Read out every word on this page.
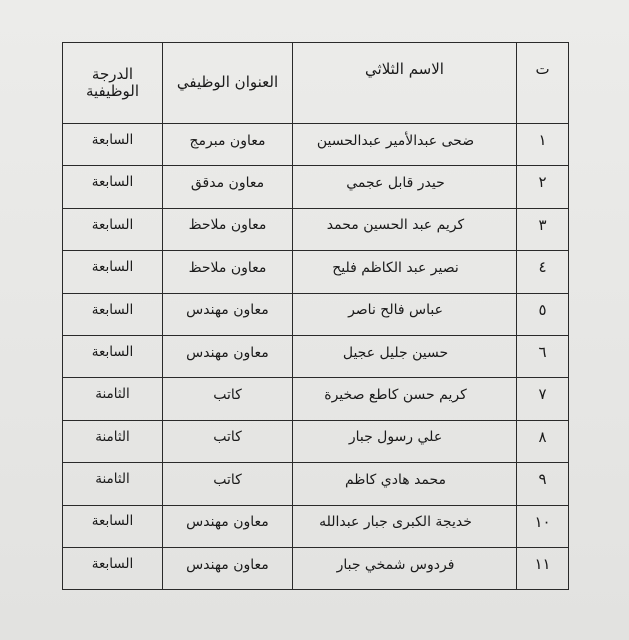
ت	الاسم الثلاثي	العنوان الوظيفي	الدرجة الوظيفية

١	ضحى عبدالأمير عبدالحسين	معاون مبرمج	السابعة

٢	حيدر قابل عجمي	معاون مدقق	السابعة

٣	كريم عبد الحسين محمد	معاون ملاحظ	السابعة

٤	نصير عبد الكاظم فليح	معاون ملاحظ	السابعة

٥	عباس فالح ناصر	معاون مهندس	السابعة

٦	حسين جليل عجيل	معاون مهندس	السابعة

٧	كريم حسن كاطع صخيرة	كاتب	الثامنة

٨	علي رسول جبار	كاتب	الثامنة

٩	محمد هادي كاظم	كاتب	الثامنة

١٠	خديجة الكبرى جبار عبدالله	معاون مهندس	السابعة

١١	فردوس شمخي جبار	معاون مهندس	السابعة
